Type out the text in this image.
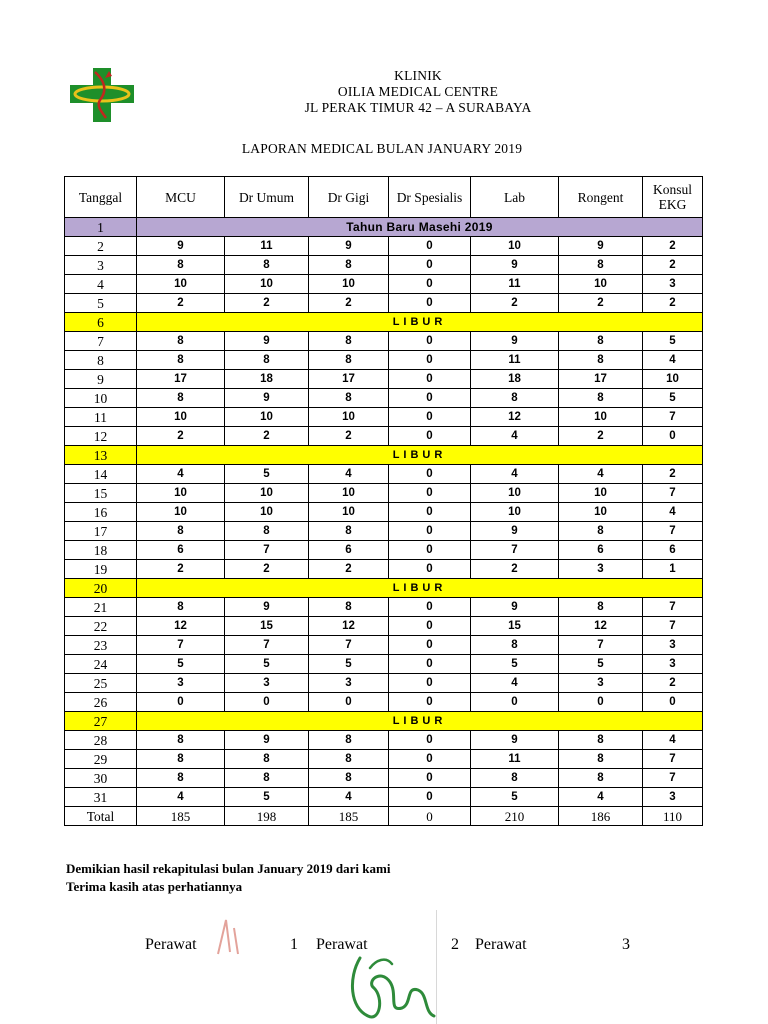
KLINIK
OILIA MEDICAL CENTRE
JL PERAK TIMUR 42 – A SURABAYA
LAPORAN MEDICAL BULAN JANUARY 2019
Tanggal	MCU	Dr Umum	Dr Gigi	Dr Spesialis	Lab	Rongent	Konsul EKG
1	Tahun Baru Masehi 2019						
2	9	11	9	0	10	9	2
3	8	8	8	0	9	8	2
4	10	10	10	0	11	10	3
5	2	2	2	0	2	2	2
6	LIBUR						
7	8	9	8	0	9	8	5
8	8	8	8	0	11	8	4
9	17	18	17	0	18	17	10
10	8	9	8	0	8	8	5
11	10	10	10	0	12	10	7
12	2	2	2	0	4	2	0
13	LIBUR						
14	4	5	4	0	4	4	2
15	10	10	10	0	10	10	7
16	10	10	10	0	10	10	4
17	8	8	8	0	9	8	7
18	6	7	6	0	7	6	6
19	2	2	2	0	2	3	1
20	LIBUR						
21	8	9	8	0	9	8	7
22	12	15	12	0	15	12	7
23	7	7	7	0	8	7	3
24	5	5	5	0	5	5	3
25	3	3	3	0	4	3	2
26	0	0	0	0	0	0	0
27	LIBUR						
28	8	9	8	0	9	8	4
29	8	8	8	0	11	8	7
30	8	8	8	0	8	8	7
31	4	5	4	0	5	4	3
Total	185	198	185	0	210	186	110
Demikian hasil rekapitulasi bulan January 2019 dari kami
Terima kasih atas perhatiannya
Perawat	1 Perawat	2 Perawat	3
